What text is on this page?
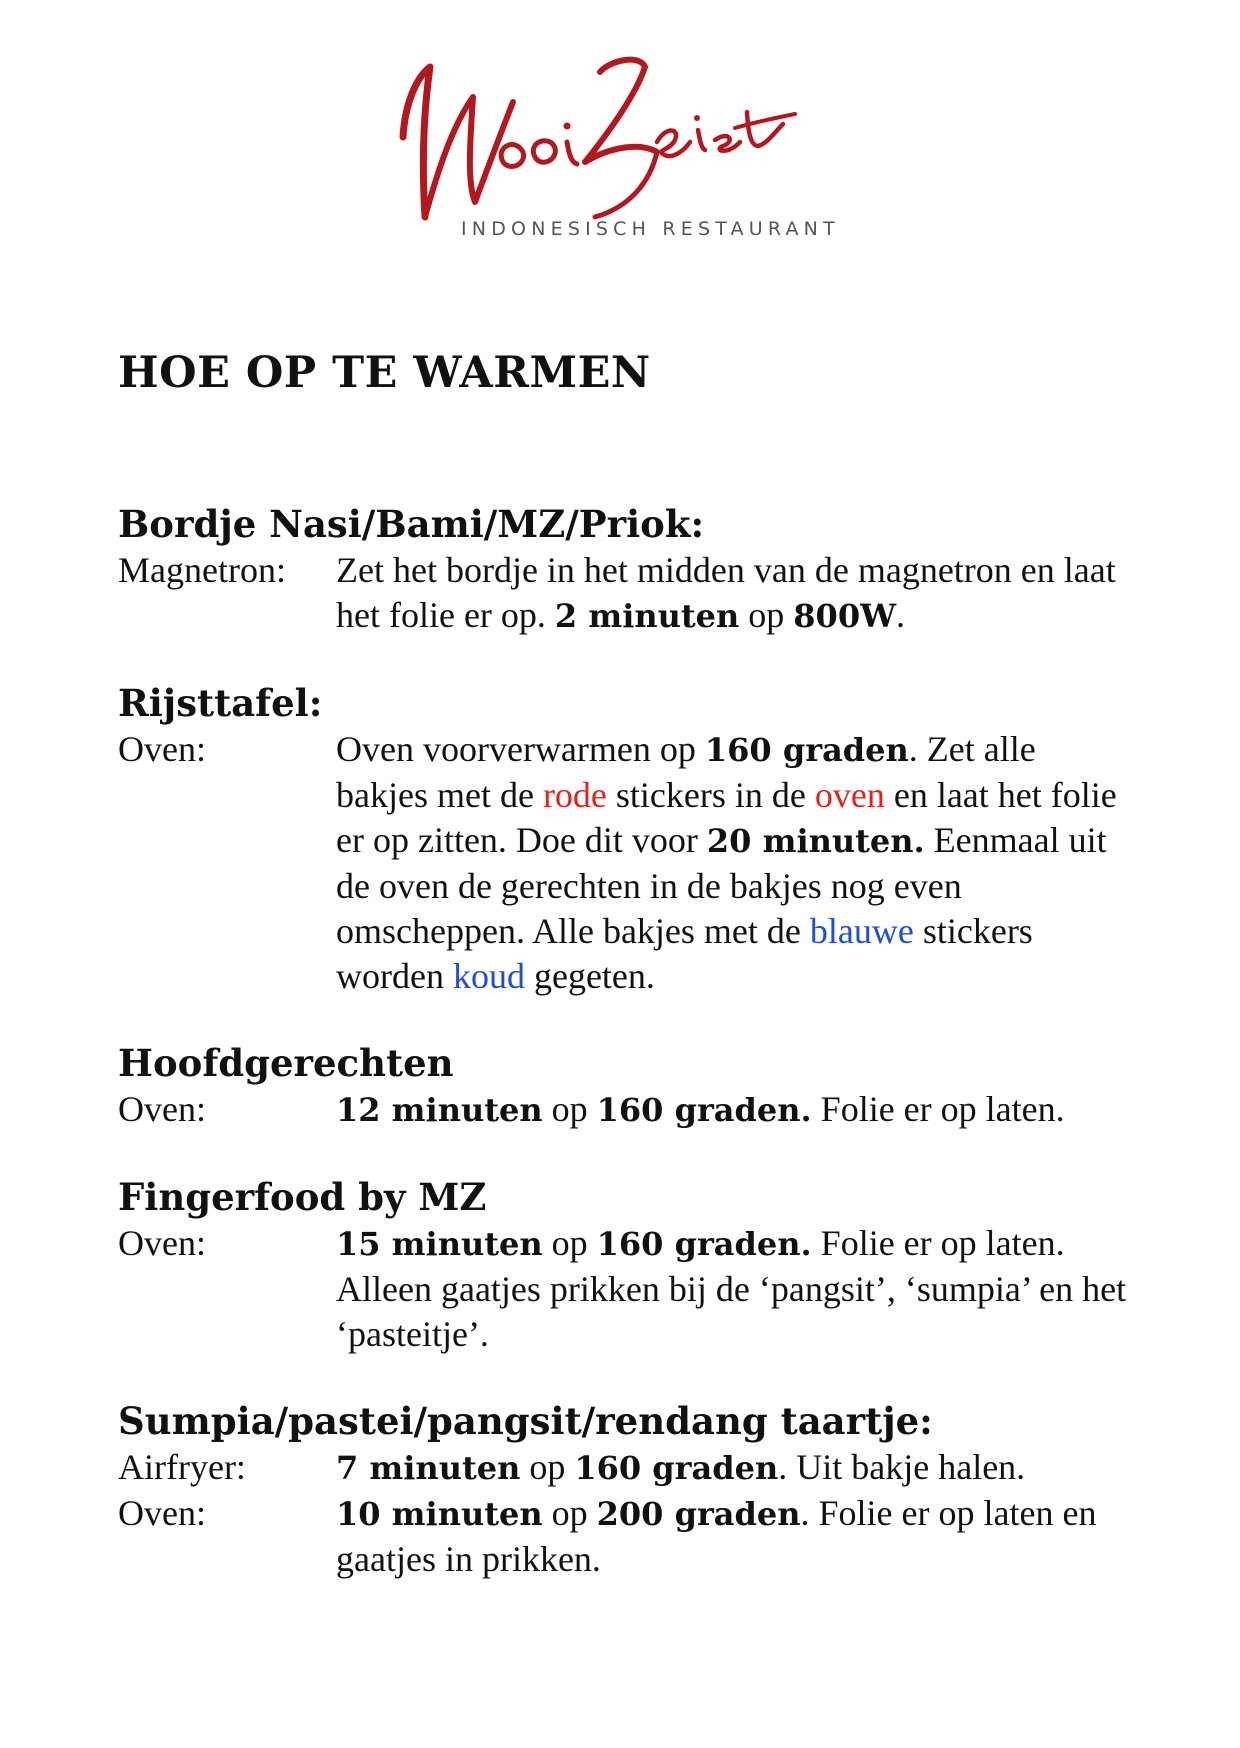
INDONESISCH RESTAURANT
HOE OP TE WARMEN
Bordje Nasi/Bami/MZ/Priok:
Magnetron:	Zet het bordje in het midden van de magnetron en laat het folie er op. 2 minuten op 800W.
Rijsttafel:
Oven:	Oven voorverwarmen op 160 graden. Zet alle bakjes met de rode stickers in de oven en laat het folie er op zitten. Doe dit voor 20 minuten. Eenmaal uit de oven de gerechten in de bakjes nog even omscheppen. Alle bakjes met de blauwe stickers worden koud gegeten.
Hoofdgerechten
Oven:	12 minuten op 160 graden. Folie er op laten.
Fingerfood by MZ
Oven:	15 minuten op 160 graden. Folie er op laten. Alleen gaatjes prikken bij de ‘pangsit’, ‘sumpia’ en het ‘pasteitje’.
Sumpia/pastei/pangsit/rendang taartje:
Airfryer:	7 minuten op 160 graden. Uit bakje halen.
Oven:	10 minuten op 200 graden. Folie er op laten en gaatjes in prikken.
